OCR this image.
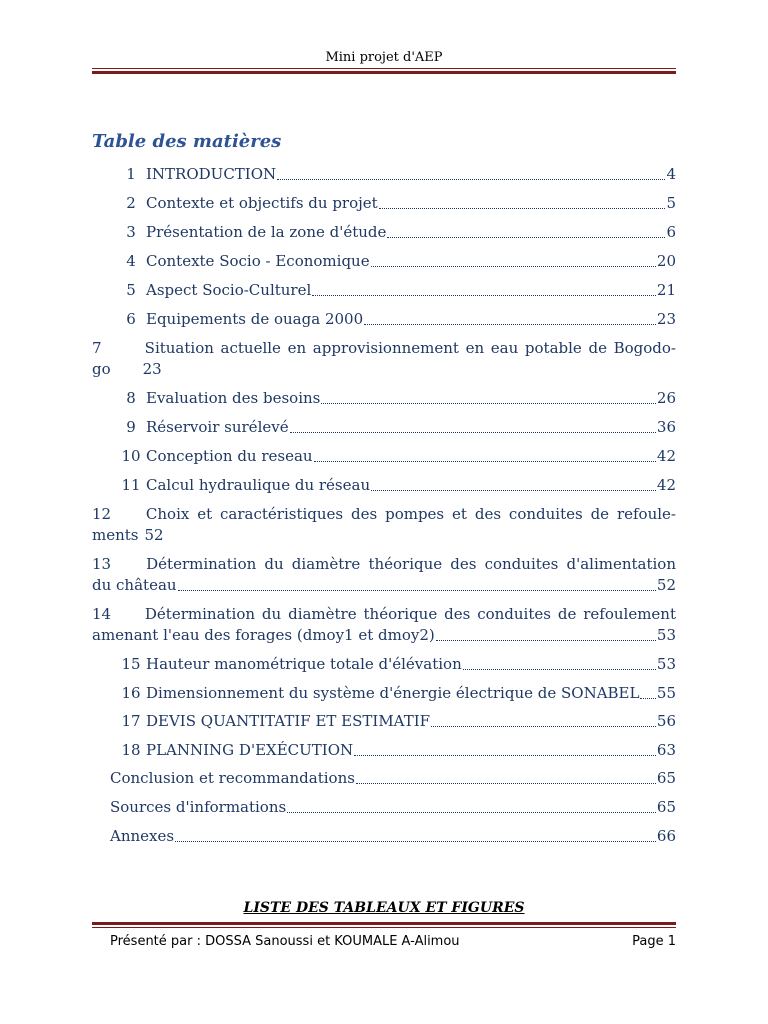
Mini projet d'AEP
Table des matières
1 INTRODUCTION	4
2 Contexte et objectifs du projet	5
3 Présentation de la zone d'étude	6
4 Contexte Socio - Economique	20
5 Aspect Socio-Culturel	21
6 Equipements de ouaga 2000	23
7	Situation actuelle en approvisionnement en eau potable de Bogodo-
go 23
8 Evaluation des besoins	26
9 Réservoir surélevé	36
10 Conception du reseau	42
11 Calcul hydraulique du réseau	42
12 Choix et caractéristiques des pompes et des conduites de refoule-
ments 52
13 Détermination du diamètre théorique des conduites d'alimentation
du château	52
14 Détermination du diamètre théorique des conduites de refoulement
amenant l'eau des forages (dmoy1 et dmoy2)	53
15 Hauteur manométrique totale d'élévation	53
16 Dimensionnement du système d'énergie électrique de SONABEL 55
17 DEVIS QUANTITATIF ET ESTIMATIF	56
18 PLANNING D'EXÉCUTION	63
Conclusion et recommandations	65
Sources d'informations	65
Annexes	66
LISTE DES TABLEAUX ET FIGURES
Présenté par : DOSSA Sanoussi et KOUMALE A-Alimou	Page 1
